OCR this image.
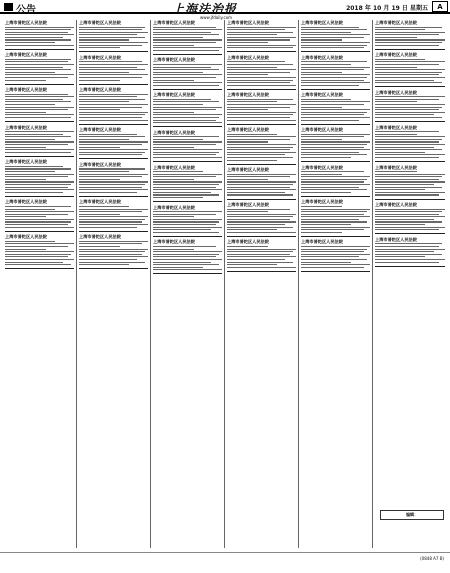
公告	上海法治报	2018 年 10 月 19 日 星期五	A
www.jfdaily.com
上海市普陀区人民法院
上海市普陀区人民法院
上海市普陀区人民法院
上海市普陀区人民法院
上海市普陀区人民法院
上海市普陀区人民法院
上海市普陀区人民法院
上海市普陀区人民法院
上海市普陀区人民法院
上海市普陀区人民法院
上海市普陀区人民法院
上海市普陀区人民法院
上海市普陀区人民法院
上海市普陀区人民法院
上海市普陀区人民法院
上海市普陀区人民法院
上海市普陀区人民法院
上海市普陀区人民法院
上海市普陀区人民法院
上海市普陀区人民法院
上海市普陀区人民法院
上海市普陀区人民法院
上海市普陀区人民法院
上海市普陀区人民法院
上海市普陀区人民法院
上海市普陀区人民法院
上海市普陀区人民法院
上海市普陀区人民法院
上海市普陀区人民法院
上海市普陀区人民法院
上海市普陀区人民法院
上海市普陀区人民法院
上海市普陀区人民法院
上海市普陀区人民法院
上海市普陀区人民法院
上海市普陀区人民法院
上海市普陀区人民法院
上海市普陀区人民法院
上海市普陀区人民法院
上海市普陀区人民法院
上海市普陀区人民法院
上海市普陀区人民法院
编辑：
(0848 A7 B)
